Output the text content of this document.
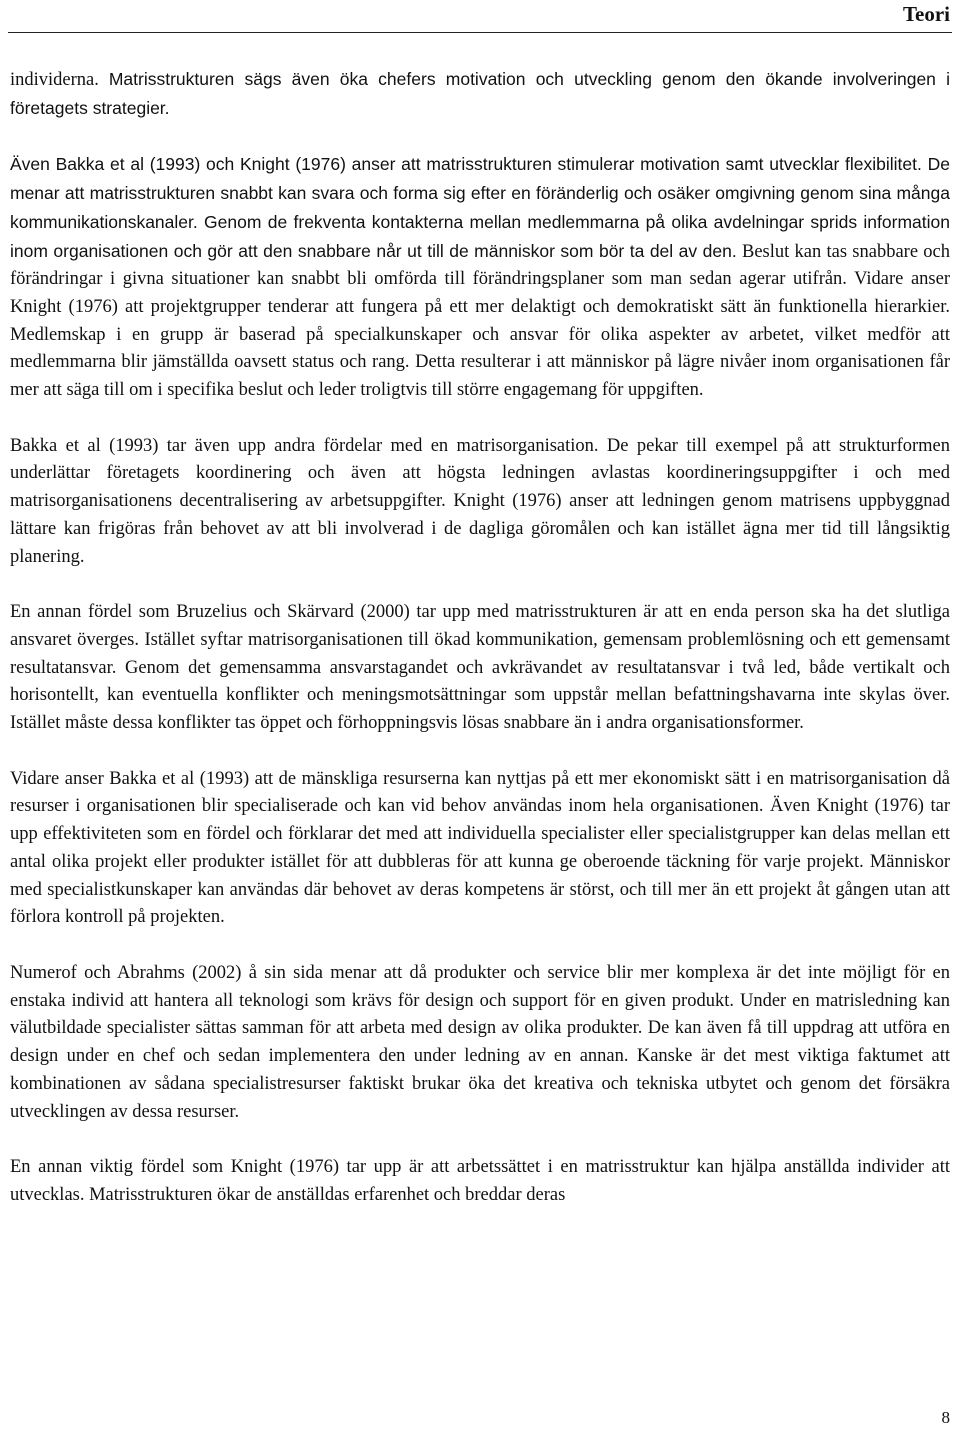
Teori

individerna. Matrisstrukturen sägs även öka chefers motivation och utveckling genom den ökande involveringen i företagets strategier.

Även Bakka et al (1993) och Knight (1976) anser att matrisstrukturen stimulerar motivation samt utvecklar flexibilitet. De menar att matrisstrukturen snabbt kan svara och forma sig efter en föränderlig och osäker omgivning genom sina många kommunikationskanaler. Genom de frekventa kontakterna mellan medlemmarna på olika avdelningar sprids information inom organisationen och gör att den snabbare når ut till de människor som bör ta del av den. Beslut kan tas snabbare och förändringar i givna situationer kan snabbt bli omförda till förändringsplaner som man sedan agerar utifrån. Vidare anser Knight (1976) att projektgrupper tenderar att fungera på ett mer delaktigt och demokratiskt sätt än funktionella hierarkier. Medlemskap i en grupp är baserad på specialkunskaper och ansvar för olika aspekter av arbetet, vilket medför att medlemmarna blir jämställda oavsett status och rang. Detta resulterar i att människor på lägre nivåer inom organisationen får mer att säga till om i specifika beslut och leder troligtvis till större engagemang för uppgiften.

Bakka et al (1993) tar även upp andra fördelar med en matrisorganisation. De pekar till exempel på att strukturformen underlättar företagets koordinering och även att högsta ledningen avlastas koordineringsuppgifter i och med matrisorganisationens decentralisering av arbetsuppgifter. Knight (1976) anser att ledningen genom matrisens uppbyggnad lättare kan frigöras från behovet av att bli involverad i de dagliga göromålen och kan istället ägna mer tid till långsiktig planering.

En annan fördel som Bruzelius och Skärvard (2000) tar upp med matrisstrukturen är att en enda person ska ha det slutliga ansvaret överges. Istället syftar matrisorganisationen till ökad kommunikation, gemensam problemlösning och ett gemensamt resultatansvar. Genom det gemensamma ansvarstagandet och avkrävandet av resultatansvar i två led, både vertikalt och horisontellt, kan eventuella konflikter och meningsmotsättningar som uppstår mellan befattningshavarna inte skylas över. Istället måste dessa konflikter tas öppet och förhoppningsvis lösas snabbare än i andra organisationsformer.

Vidare anser Bakka et al (1993) att de mänskliga resurserna kan nyttjas på ett mer ekonomiskt sätt i en matrisorganisation då resurser i organisationen blir specialiserade och kan vid behov användas inom hela organisationen. Även Knight (1976) tar upp effektiviteten som en fördel och förklarar det med att individuella specialister eller specialistgrupper kan delas mellan ett antal olika projekt eller produkter istället för att dubbleras för att kunna ge oberoende täckning för varje projekt. Människor med specialistkunskaper kan användas där behovet av deras kompetens är störst, och till mer än ett projekt åt gången utan att förlora kontroll på projekten.

Numerof och Abrahms (2002) å sin sida menar att då produkter och service blir mer komplexa är det inte möjligt för en enstaka individ att hantera all teknologi som krävs för design och support för en given produkt. Under en matrisledning kan välutbildade specialister sättas samman för att arbeta med design av olika produkter. De kan även få till uppdrag att utföra en design under en chef och sedan implementera den under ledning av en annan. Kanske är det mest viktiga faktumet att kombinationen av sådana specialistresurser faktiskt brukar öka det kreativa och tekniska utbytet och genom det försäkra utvecklingen av dessa resurser.

En annan viktig fördel som Knight (1976) tar upp är att arbetssättet i en matrisstruktur kan hjälpa anställda individer att utvecklas. Matrisstrukturen ökar de anställdas erfarenhet och breddar deras

8
